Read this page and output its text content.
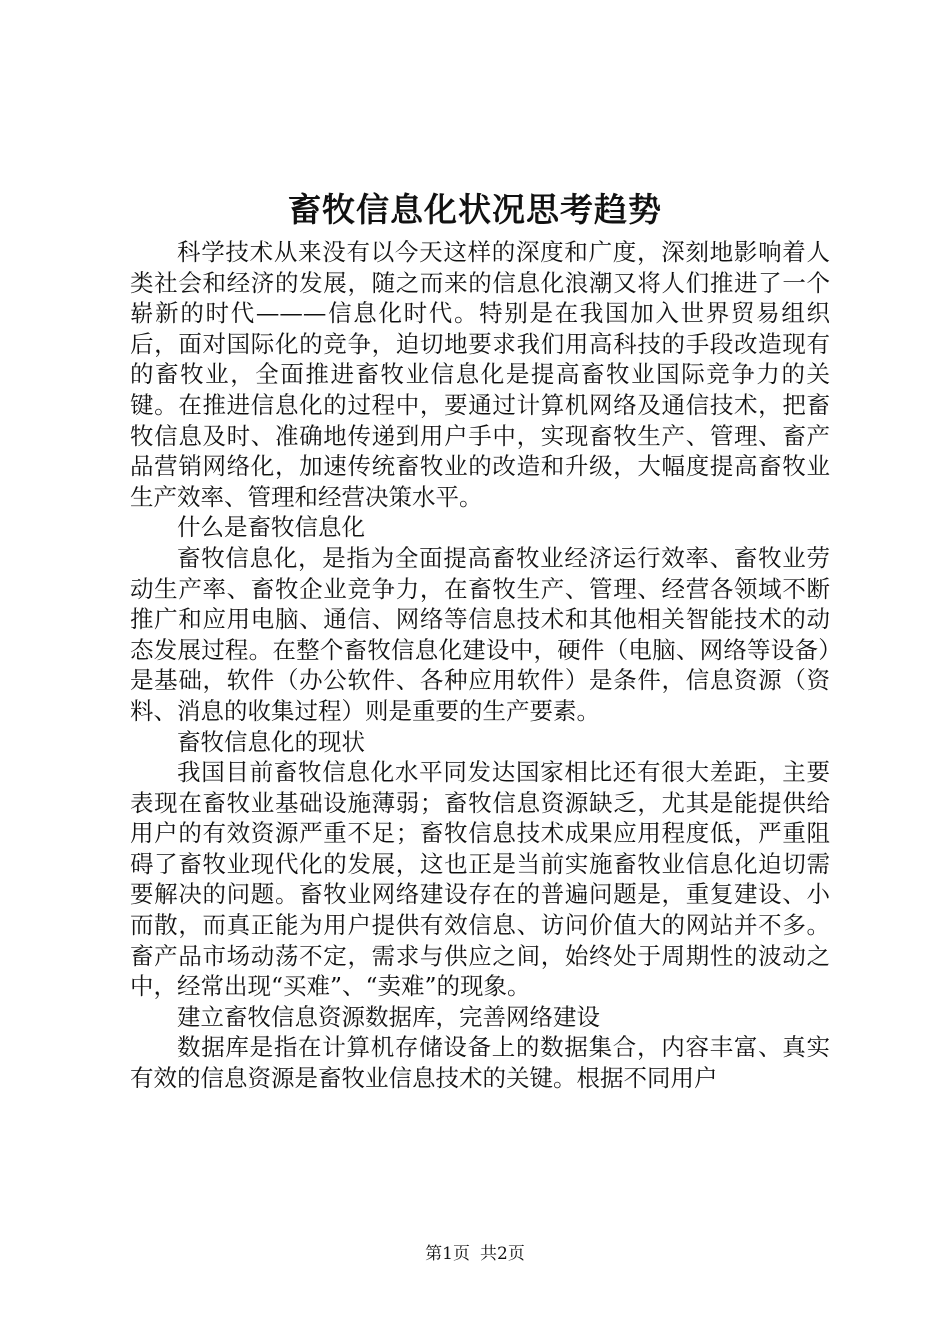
畜牧信息化状况思考趋势

科学技术从来没有以今天这样的深度和广度，深刻地影响着人类社会和经济的发展，随之而来的信息化浪潮又将人们推进了一个崭新的时代———信息化时代。特别是在我国加入世界贸易组织后，面对国际化的竞争，迫切地要求我们用高科技的手段改造现有的畜牧业，全面推进畜牧业信息化是提高畜牧业国际竞争力的关键。在推进信息化的过程中，要通过计算机网络及通信技术，把畜牧信息及时、准确地传递到用户手中，实现畜牧生产、管理、畜产品营销网络化，加速传统畜牧业的改造和升级，大幅度提高畜牧业生产效率、管理和经营决策水平。

什么是畜牧信息化

畜牧信息化，是指为全面提高畜牧业经济运行效率、畜牧业劳动生产率、畜牧企业竞争力，在畜牧生产、管理、经营各领域不断推广和应用电脑、通信、网络等信息技术和其他相关智能技术的动态发展过程。在整个畜牧信息化建设中，硬件（电脑、网络等设备）是基础，软件（办公软件、各种应用软件）是条件，信息资源（资料、消息的收集过程）则是重要的生产要素。

畜牧信息化的现状

我国目前畜牧信息化水平同发达国家相比还有很大差距，主要表现在畜牧业基础设施薄弱；畜牧信息资源缺乏，尤其是能提供给用户的有效资源严重不足；畜牧信息技术成果应用程度低，严重阻碍了畜牧业现代化的发展，这也正是当前实施畜牧业信息化迫切需要解决的问题。畜牧业网络建设存在的普遍问题是，重复建设、小而散，而真正能为用户提供有效信息、访问价值大的网站并不多。畜产品市场动荡不定，需求与供应之间，始终处于周期性的波动之中，经常出现“买难”、“卖难”的现象。

建立畜牧信息资源数据库，完善网络建设

数据库是指在计算机存储设备上的数据集合，内容丰富、真实有效的信息资源是畜牧业信息技术的关键。根据不同用户

第1页 共2页
